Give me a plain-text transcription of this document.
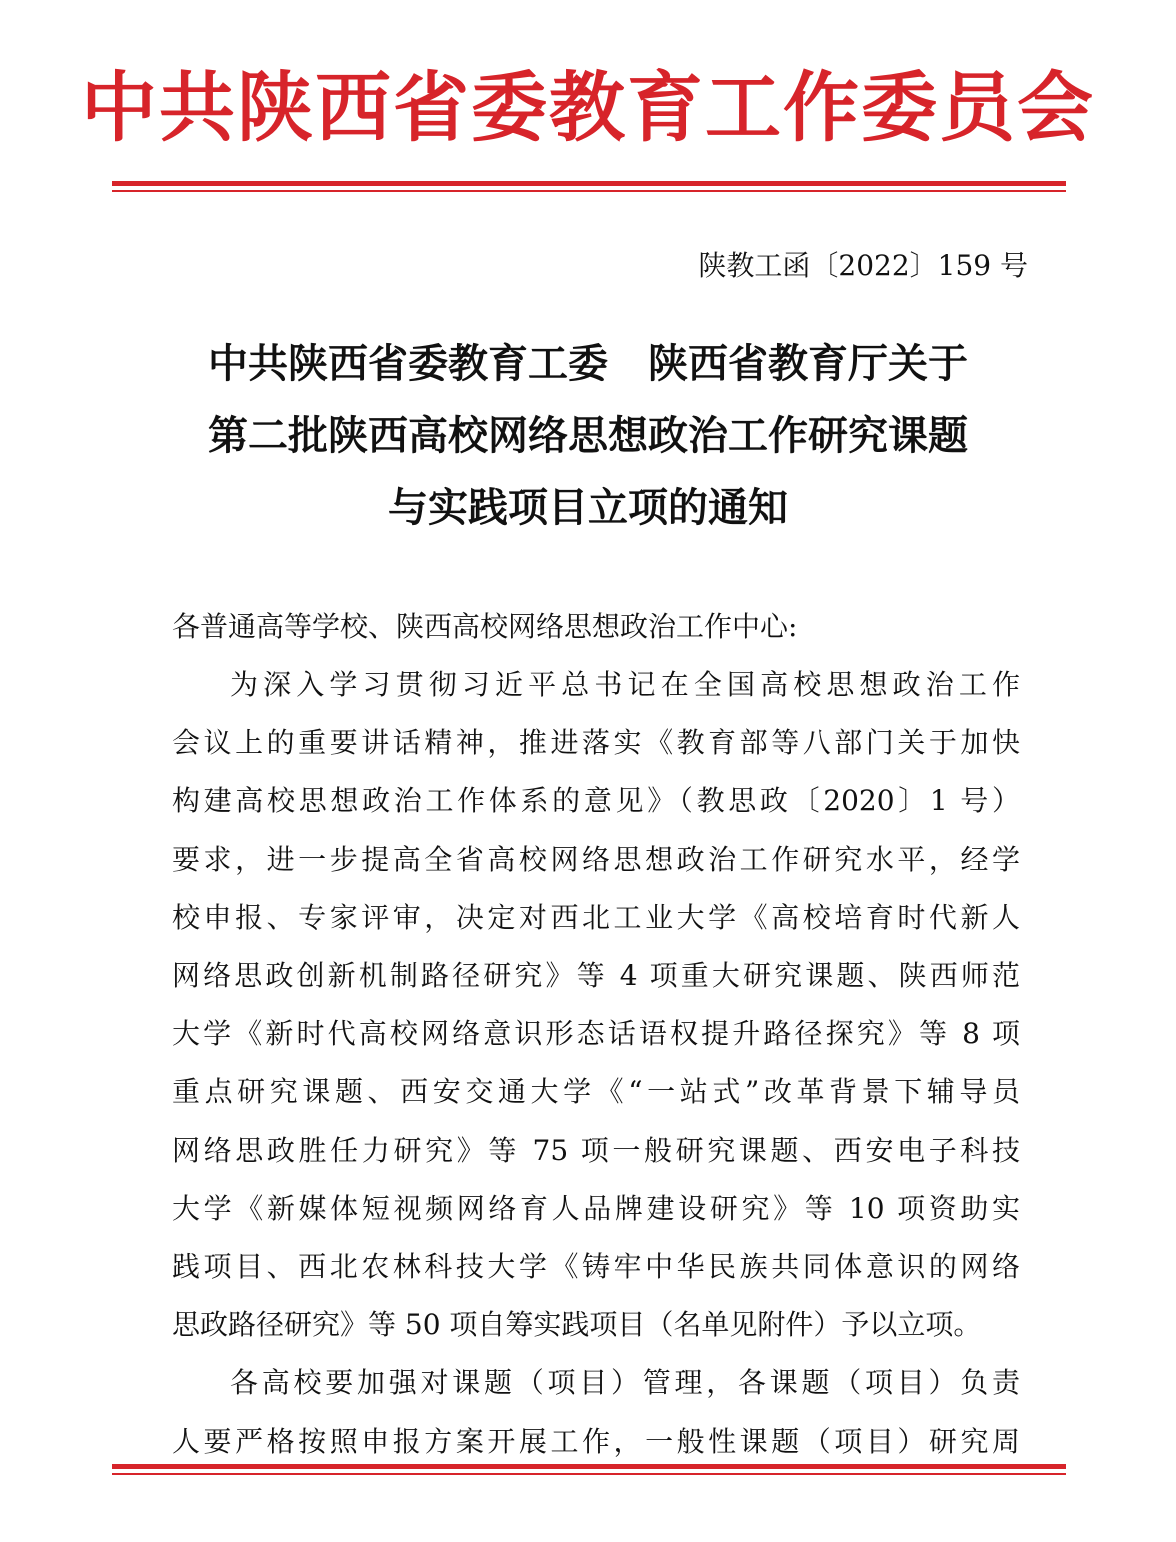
中共陕西省委教育工作委员会
陕教工函〔2022〕159 号
中共陕西省委教育工委　陕西省教育厅关于
第二批陕西高校网络思想政治工作研究课题
与实践项目立项的通知
各普通高等学校、陕西高校网络思想政治工作中心:
为深入学习贯彻习近平总书记在全国高校思想政治工作
会议上的重要讲话精神，推进落实《教育部等八部门关于加快
构建高校思想政治工作体系的意见》（教思政〔2020〕1 号）
要求，进一步提高全省高校网络思想政治工作研究水平，经学
校申报、专家评审，决定对西北工业大学《高校培育时代新人
网络思政创新机制路径研究》等 4 项重大研究课题、陕西师范
大学《新时代高校网络意识形态话语权提升路径探究》等 8 项
重点研究课题、西安交通大学《“一站式”改革背景下辅导员
网络思政胜任力研究》等 75 项一般研究课题、西安电子科技
大学《新媒体短视频网络育人品牌建设研究》等 10 项资助实
践项目、西北农林科技大学《铸牢中华民族共同体意识的网络
思政路径研究》等 50 项自筹实践项目（名单见附件）予以立项。
各高校要加强对课题（项目）管理，各课题（项目）负责
人要严格按照申报方案开展工作，一般性课题（项目）研究周
